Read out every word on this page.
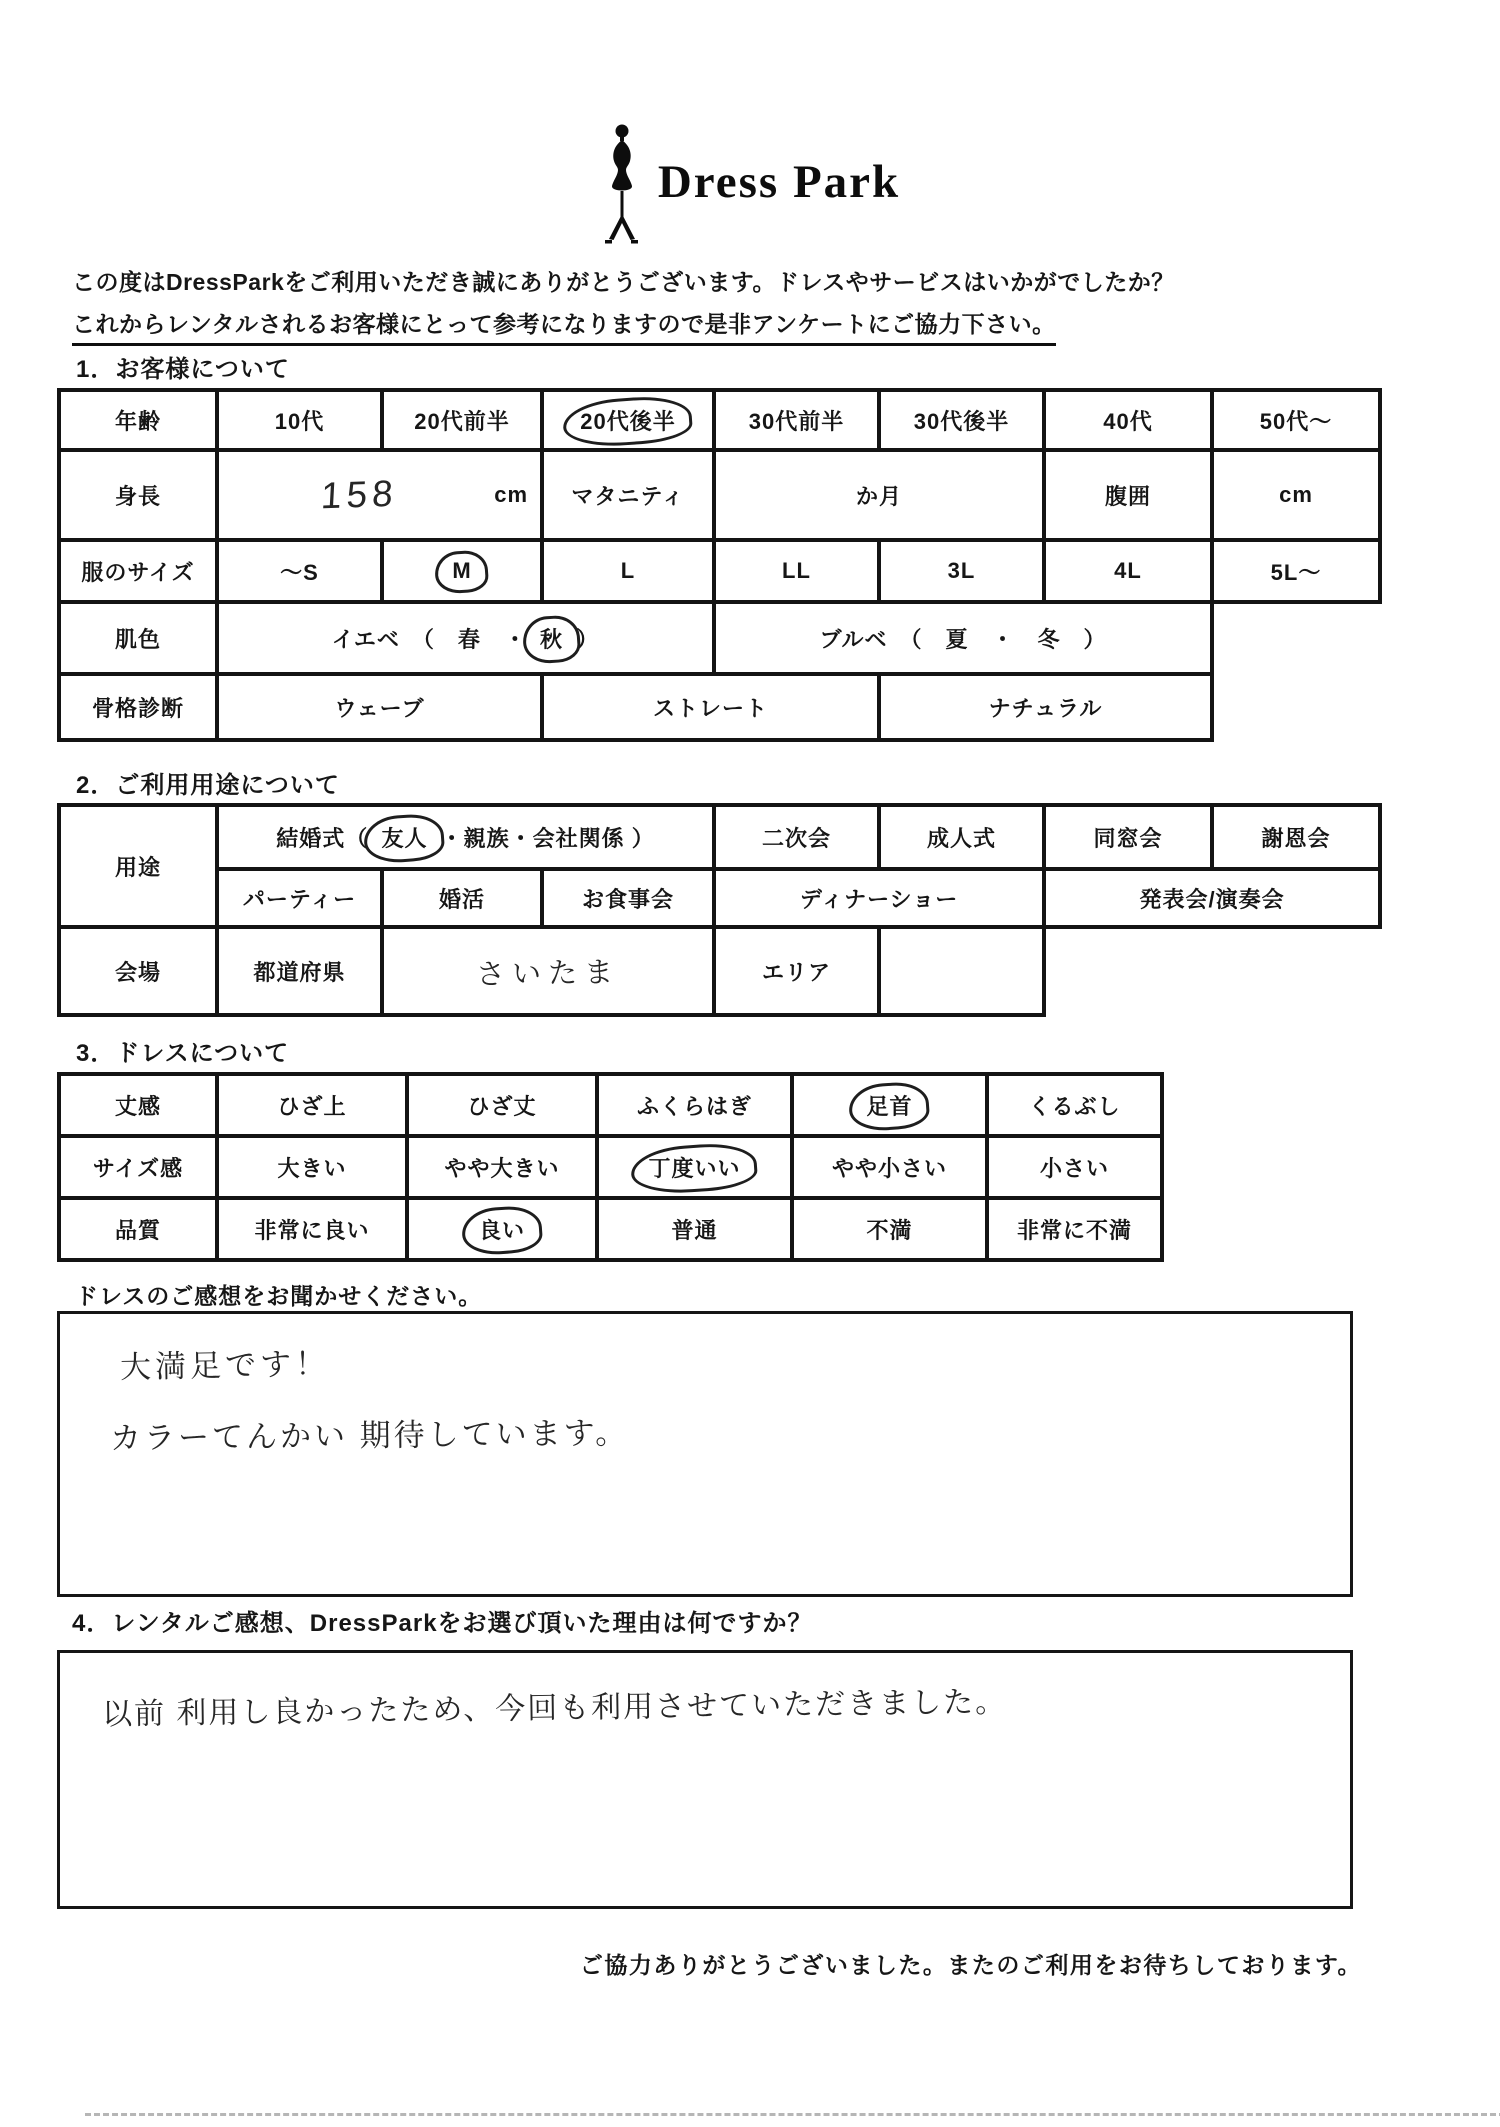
Dress Park

この度はDressParkをご利用いただき誠にありがとうございます。ドレスやサービスはいかがでしたか？

これからレンタルされるお客様にとって参考になりますので是非アンケートにご協力下さい。

1．お客様について
年齢	10代	20代前半	20代後半	30代前半	30代後半	40代	50代～
身長	158 cm		マタニティ	か月		腹囲	cm
服のサイズ	～S	M	L	LL	3L	4L	5L～
肌色	イエベ　（　春　・ 秋 ）			ブルベ　（　夏　・　冬　）			
骨格診断	ウェーブ		ストレート		ナチュラル		
2．ご利用用途について
用途	結婚式（ 友人 ・親族・会社関係 ）			二次会	成人式	同窓会	謝恩会
	パーティー	婚活	お食事会	ディナーショー		発表会/演奏会	
会場	都道府県	さいたま		エリア			
3．ドレスについて
丈感	ひざ上	ひざ丈	ふくらはぎ	足首	くるぶし
サイズ感	大きい	やや大きい	丁度いい	やや小さい	小さい
品質	非常に良い	良い	普通	不満	非常に不満

ドレスのご感想をお聞かせください。

大満足です！
カラーてんかい 期待しています。
4．レンタルご感想、DressParkをお選び頂いた理由は何ですか？
以前 利用し良かったため、今回も利用させていただきました。

ご協力ありがとうございました。またのご利用をお待ちしております。
